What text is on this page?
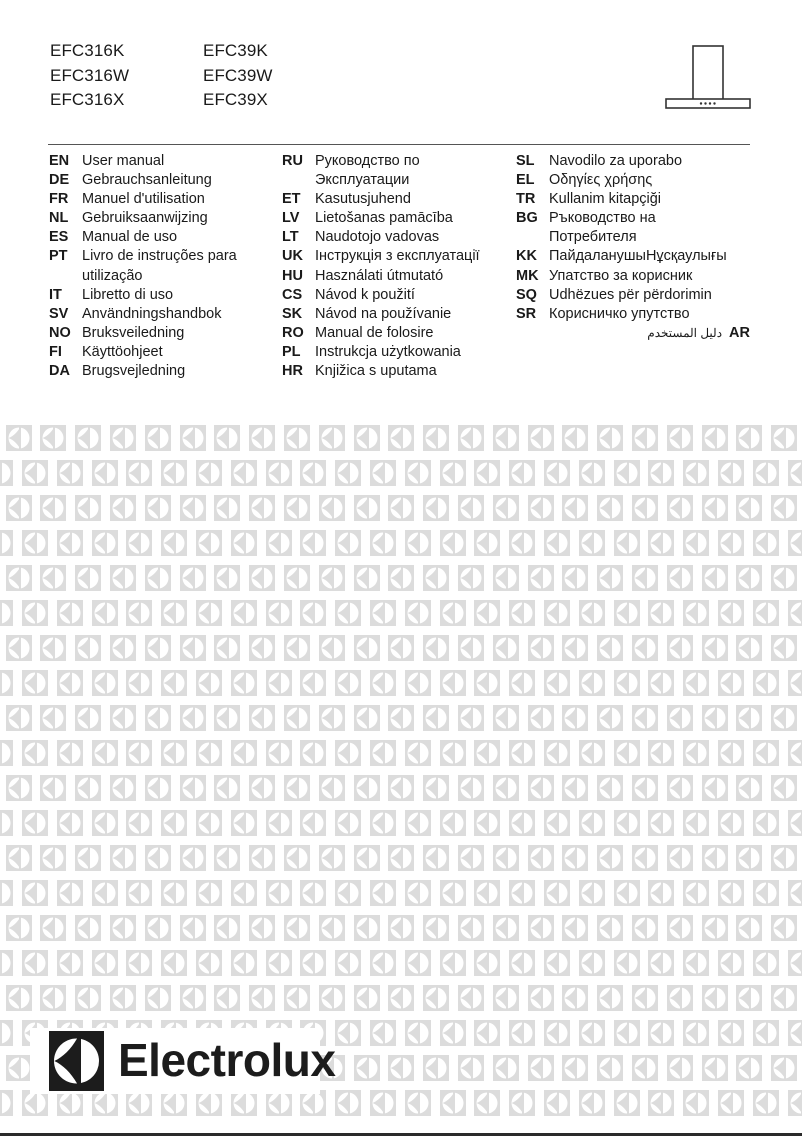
EFC316K
EFC316W
EFC316X
EFC39K
EFC39W
EFC39X
EN User manual
DE Gebrauchsanleitung
FR Manuel d'utilisation
NL Gebruiksaanwijzing
ES Manual de uso
PT Livro de instruções para
utilização
IT	Libretto di uso
SV Användningshandbok
NO Bruksveiledning
FI	Käyttöohjeet
DA Brugsvejledning
RU Руководство по
Эксплуатации
ET Kasutusjuhend
LV	Lietošanas pamācība
LT	Naudotojo vadovas
UK Інструкція з експлуатації
HU Használati útmutató
CS Návod k použití
SK Návod na používanie
RO Manual de folosire
PL Instrukcja użytkowania
HR Knjižica s uputama
SL Navodilo za uporabo
EL Οδηγίες χρήσης
TR Kullanim kitapçiği
BG Ръководство на
Потребителя
KK ПайдаланушыНұсқаулығы
MK Упатство за корисник
SQ Udhëzues për përdorimin
SR Корисничко упутство
دليل المستخدم AR
Electrolux
